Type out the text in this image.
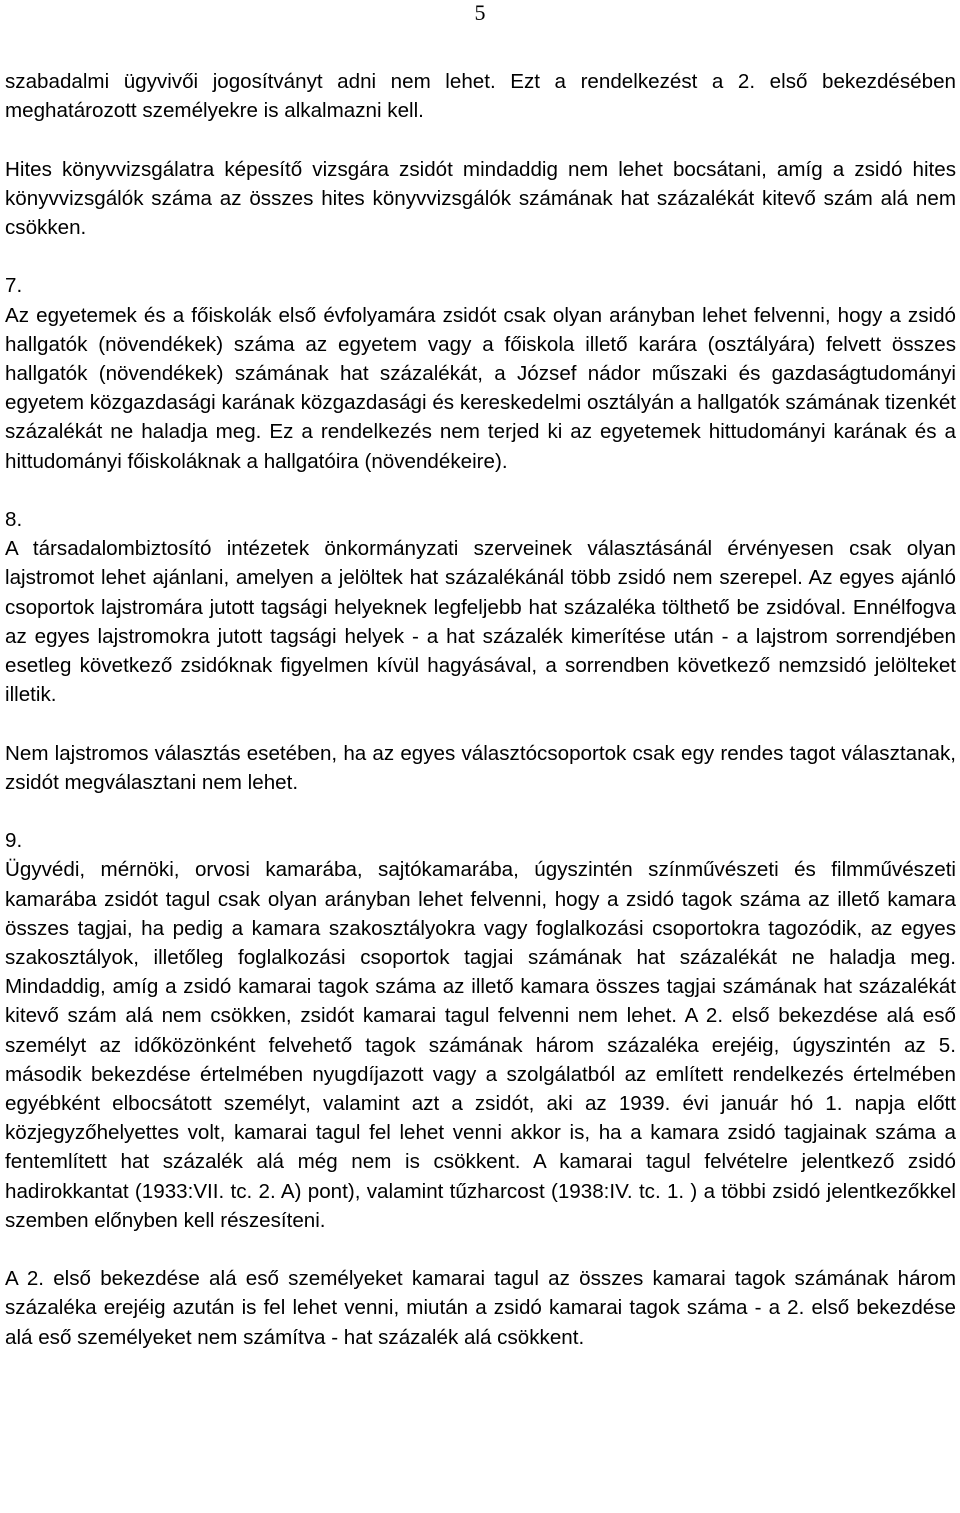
5

szabadalmi ügyvivői jogosítványt adni nem lehet. Ezt a rendelkezést a 2. első bekezdésében meghatározott személyekre is alkalmazni kell.

Hites könyvvizsgálatra képesítő vizsgára zsidót mindaddig nem lehet bocsátani, amíg a zsidó hites könyvvizsgálók száma az összes hites könyvvizsgálók számának hat százalékát kitevő szám alá nem csökken.

7.

Az egyetemek és a főiskolák első évfolyamára zsidót csak olyan arányban lehet felvenni, hogy a zsidó hallgatók (növendékek) száma az egyetem vagy a főiskola illető karára (osztályára) felvett összes hallgatók (növendékek) számának hat százalékát, a József nádor műszaki és gazdaságtudományi egyetem közgazdasági karának közgazdasági és kereskedelmi osztályán a hallgatók számának tizenkét százalékát ne haladja meg. Ez a rendelkezés nem terjed ki az egyetemek hittudományi karának és a hittudományi főiskoláknak a hallgatóira (növendékeire).

8.

A társadalombiztosító intézetek önkormányzati szerveinek választásánál érvényesen csak olyan lajstromot lehet ajánlani, amelyen a jelöltek hat százalékánál több zsidó nem szerepel. Az egyes ajánló csoportok lajstromára jutott tagsági helyeknek legfeljebb hat százaléka tölthető be zsidóval. Ennélfogva az egyes lajstromokra jutott tagsági helyek - a hat százalék kimerítése után - a lajstrom sorrendjében esetleg következő zsidóknak figyelmen kívül hagyásával, a sorrendben következő nemzsidó jelölteket illetik.

Nem lajstromos választás esetében, ha az egyes választócsoportok csak egy rendes tagot választanak, zsidót megválasztani nem lehet.

9.

Ügyvédi, mérnöki, orvosi kamarába, sajtókamarába, úgyszintén színművészeti és filmművészeti kamarába zsidót tagul csak olyan arányban lehet felvenni, hogy a zsidó tagok száma az illető kamara összes tagjai, ha pedig a kamara szakosztályokra vagy foglalkozási csoportokra tagozódik, az egyes szakosztályok, illetőleg foglalkozási csoportok tagjai számának hat százalékát ne haladja meg. Mindaddig, amíg a zsidó kamarai tagok száma az illető kamara összes tagjai számának hat százalékát kitevő szám alá nem csökken, zsidót kamarai tagul felvenni nem lehet. A 2. első bekezdése alá eső személyt az időközönként felvehető tagok számának három százaléka erejéig, úgyszintén az 5. második bekezdése értelmében nyugdíjazott vagy a szolgálatból az említett rendelkezés értelmében egyébként elbocsátott személyt, valamint azt a zsidót, aki az 1939. évi január hó 1. napja előtt közjegyzőhelyettes volt, kamarai tagul fel lehet venni akkor is, ha a kamara zsidó tagjainak száma a fentemlített hat százalék alá még nem is csökkent. A kamarai tagul felvételre jelentkező zsidó hadirokkantat (1933:VII. tc. 2. A) pont), valamint tűzharcost (1938:IV. tc. 1. ) a többi zsidó jelentkezőkkel szemben előnyben kell részesíteni.

A 2. első bekezdése alá eső személyeket kamarai tagul az összes kamarai tagok számának három százaléka erejéig azután is fel lehet venni, miután a zsidó kamarai tagok száma - a 2. első bekezdése alá eső személyeket nem számítva - hat százalék alá csökkent.
